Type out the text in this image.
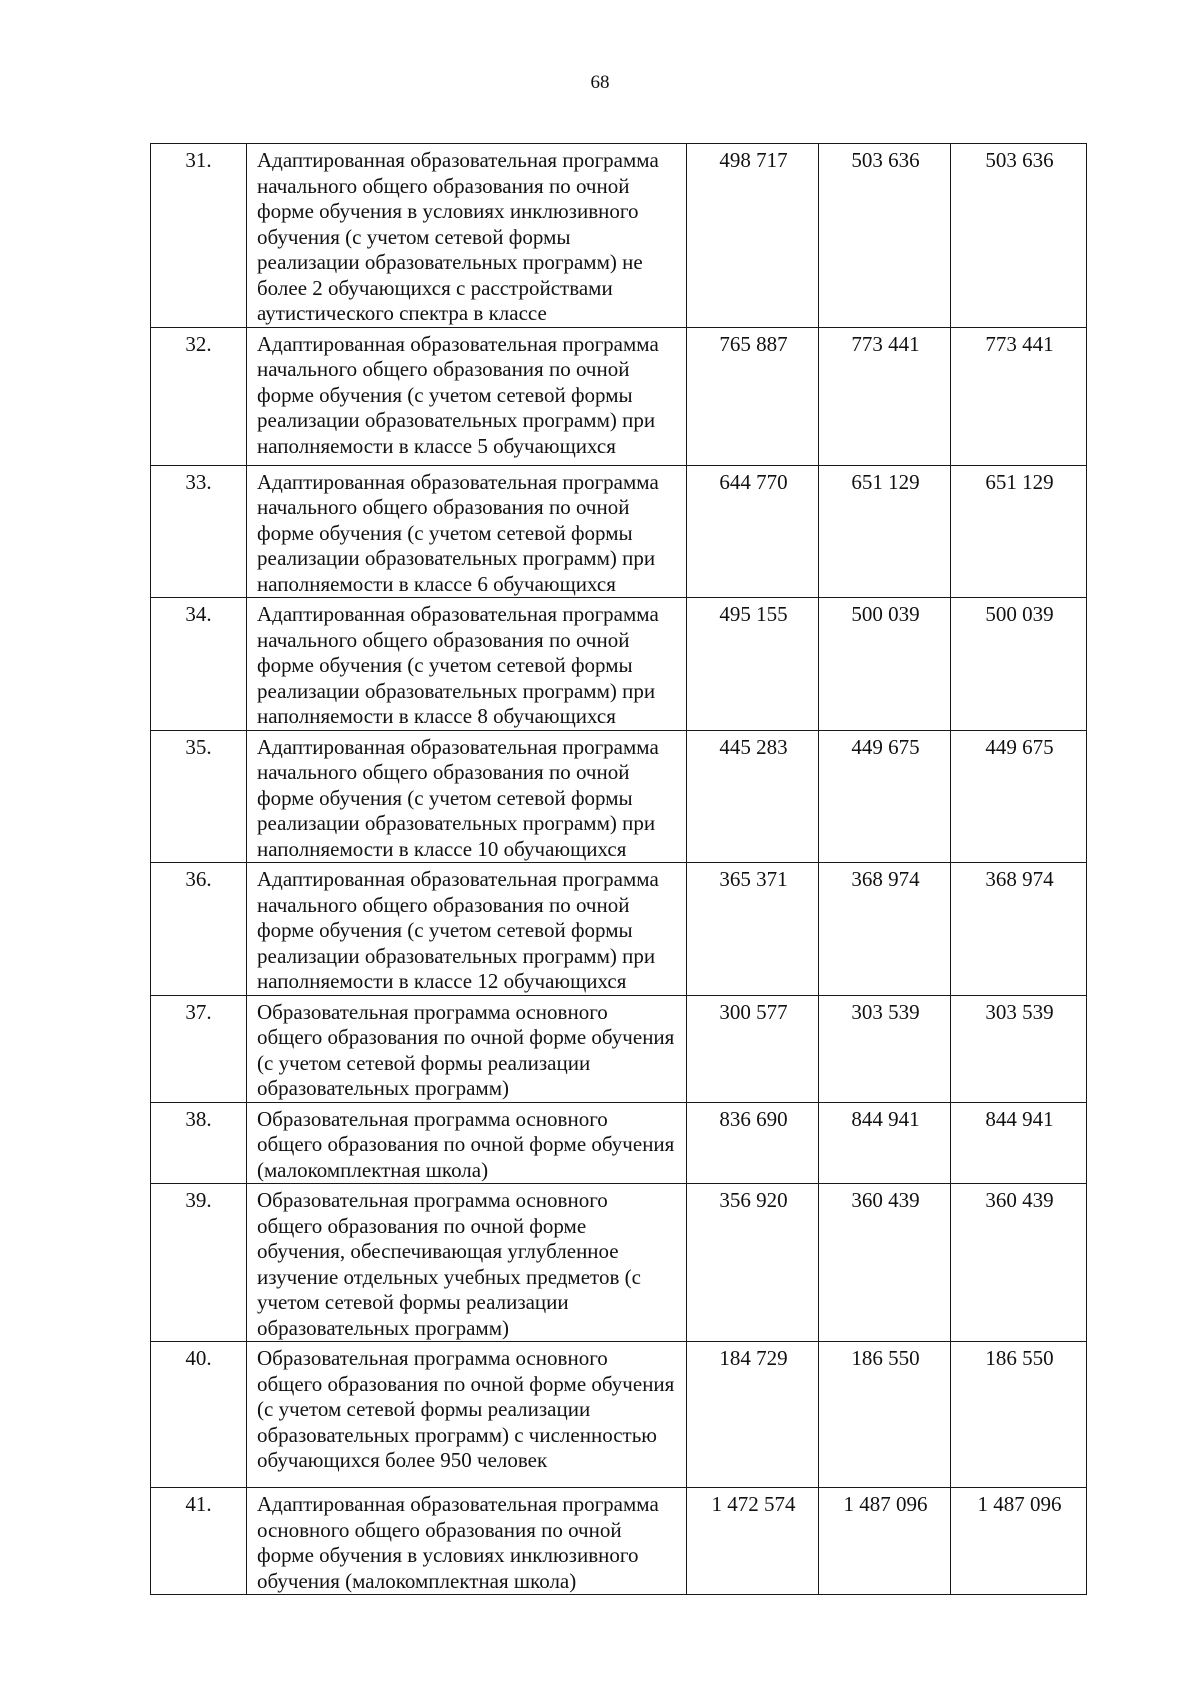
68
31.	Адаптированная образовательная программа начального общего образования по очной форме обучения в условиях инклюзивного обучения (с учетом сетевой формы реализации образовательных программ) не более 2 обучающихся с расстройствами аутистического спектра в классе	498 717	503 636	503 636
32.	Адаптированная образовательная программа начального общего образования по очной форме обучения (с учетом сетевой формы реализации образовательных программ) при наполняемости в классе 5 обучающихся	765 887	773 441	773 441
33.	Адаптированная образовательная программа начального общего образования по очной форме обучения (с учетом сетевой формы реализации образовательных программ) при наполняемости в классе 6 обучающихся	644 770	651 129	651 129
34.	Адаптированная образовательная программа начального общего образования по очной форме обучения (с учетом сетевой формы реализации образовательных программ) при наполняемости в классе 8 обучающихся	495 155	500 039	500 039
35.	Адаптированная образовательная программа начального общего образования по очной форме обучения (с учетом сетевой формы реализации образовательных программ) при наполняемости в классе 10 обучающихся	445 283	449 675	449 675
36.	Адаптированная образовательная программа начального общего образования по очной форме обучения (с учетом сетевой формы реализации образовательных программ) при наполняемости в классе 12 обучающихся	365 371	368 974	368 974
37.	Образовательная программа основного общего образования по очной форме обучения (с учетом сетевой формы реализации образовательных программ)	300 577	303 539	303 539
38.	Образовательная программа основного общего образования по очной форме обучения (малокомплектная школа)	836 690	844 941	844 941
39.	Образовательная программа основного общего образования по очной форме обучения, обеспечивающая углубленное изучение отдельных учебных предметов (с учетом сетевой формы реализации образовательных программ)	356 920	360 439	360 439
40.	Образовательная программа основного общего образования по очной форме обучения (с учетом сетевой формы реализации образовательных программ) с численностью обучающихся более 950 человек	184 729	186 550	186 550
41.	Адаптированная образовательная программа основного общего образования по очной форме обучения в условиях инклюзивного обучения (малокомплектная школа)	1 472 574	1 487 096	1 487 096
